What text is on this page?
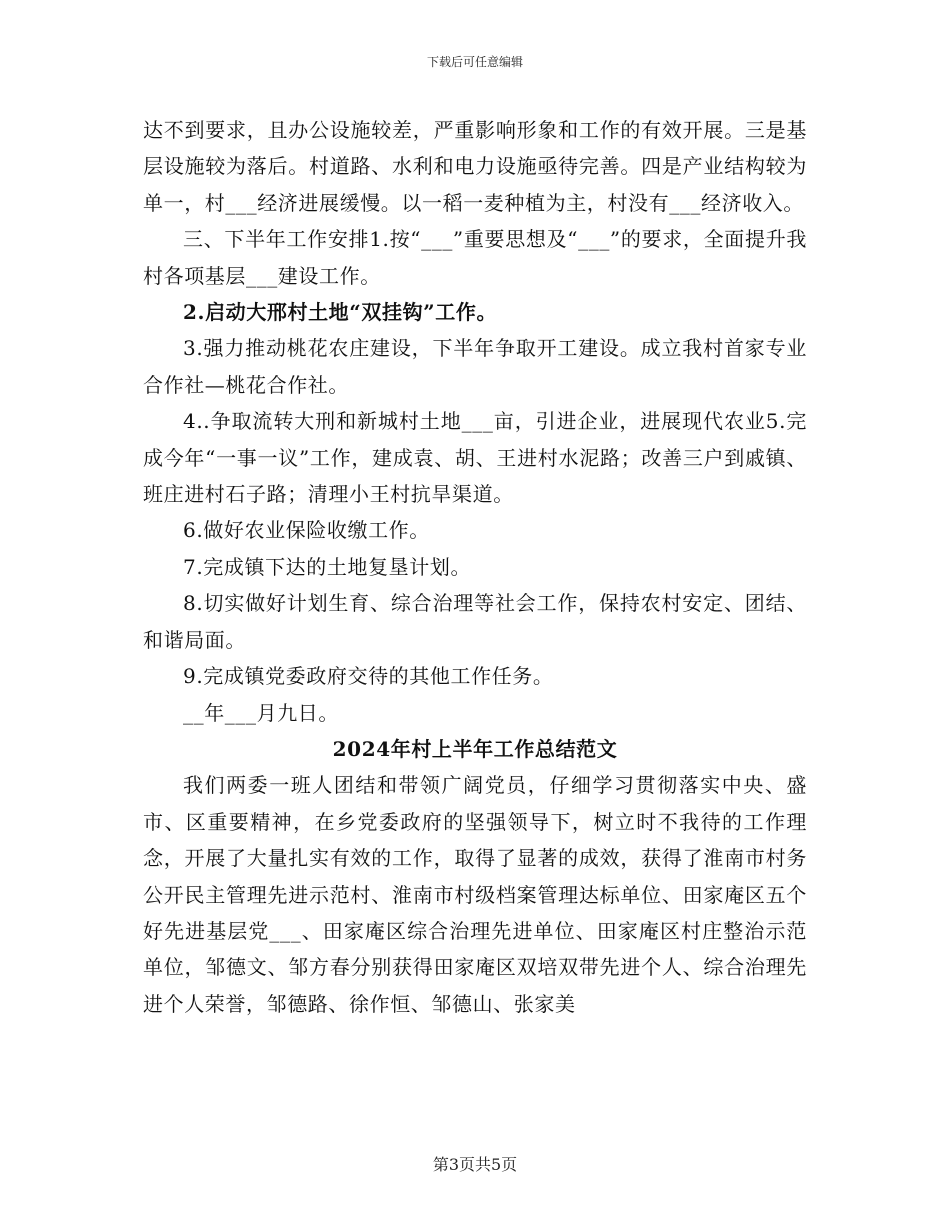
下载后可任意编辑

达不到要求，且办公设施较差，严重影响形象和工作的有效开展。三是基层设施较为落后。村道路、水利和电力设施亟待完善。四是产业结构较为单一，村___经济进展缓慢。以一稻一麦种植为主，村没有___经济收入。

三、下半年工作安排1.按“___”重要思想及“___”的要求，全面提升我村各项基层___建设工作。

2.启动大邢村土地“双挂钩”工作。

3.强力推动桃花农庄建设，下半年争取开工建设。成立我村首家专业合作社—桃花合作社。

4..争取流转大刑和新城村土地___亩，引进企业，进展现代农业5.完成今年“一事一议”工作，建成袁、胡、王进村水泥路；改善三户到戚镇、班庄进村石子路；清理小王村抗旱渠道。

6.做好农业保险收缴工作。

7.完成镇下达的土地复垦计划。

8.切实做好计划生育、综合治理等社会工作，保持农村安定、团结、和谐局面。

9.完成镇党委政府交待的其他工作任务。

__年___月九日。

2024年村上半年工作总结范文

我们两委一班人团结和带领广阔党员，仔细学习贯彻落实中央、盛市、区重要精神，在乡党委政府的坚强领导下，树立时不我待的工作理念，开展了大量扎实有效的工作，取得了显著的成效，获得了淮南市村务公开民主管理先进示范村、淮南市村级档案管理达标单位、田家庵区五个好先进基层党___、田家庵区综合治理先进单位、田家庵区村庄整治示范单位，邹德文、邹方春分别获得田家庵区双培双带先进个人、综合治理先进个人荣誉，邹德路、徐作恒、邹德山、张家美

第3页共5页
